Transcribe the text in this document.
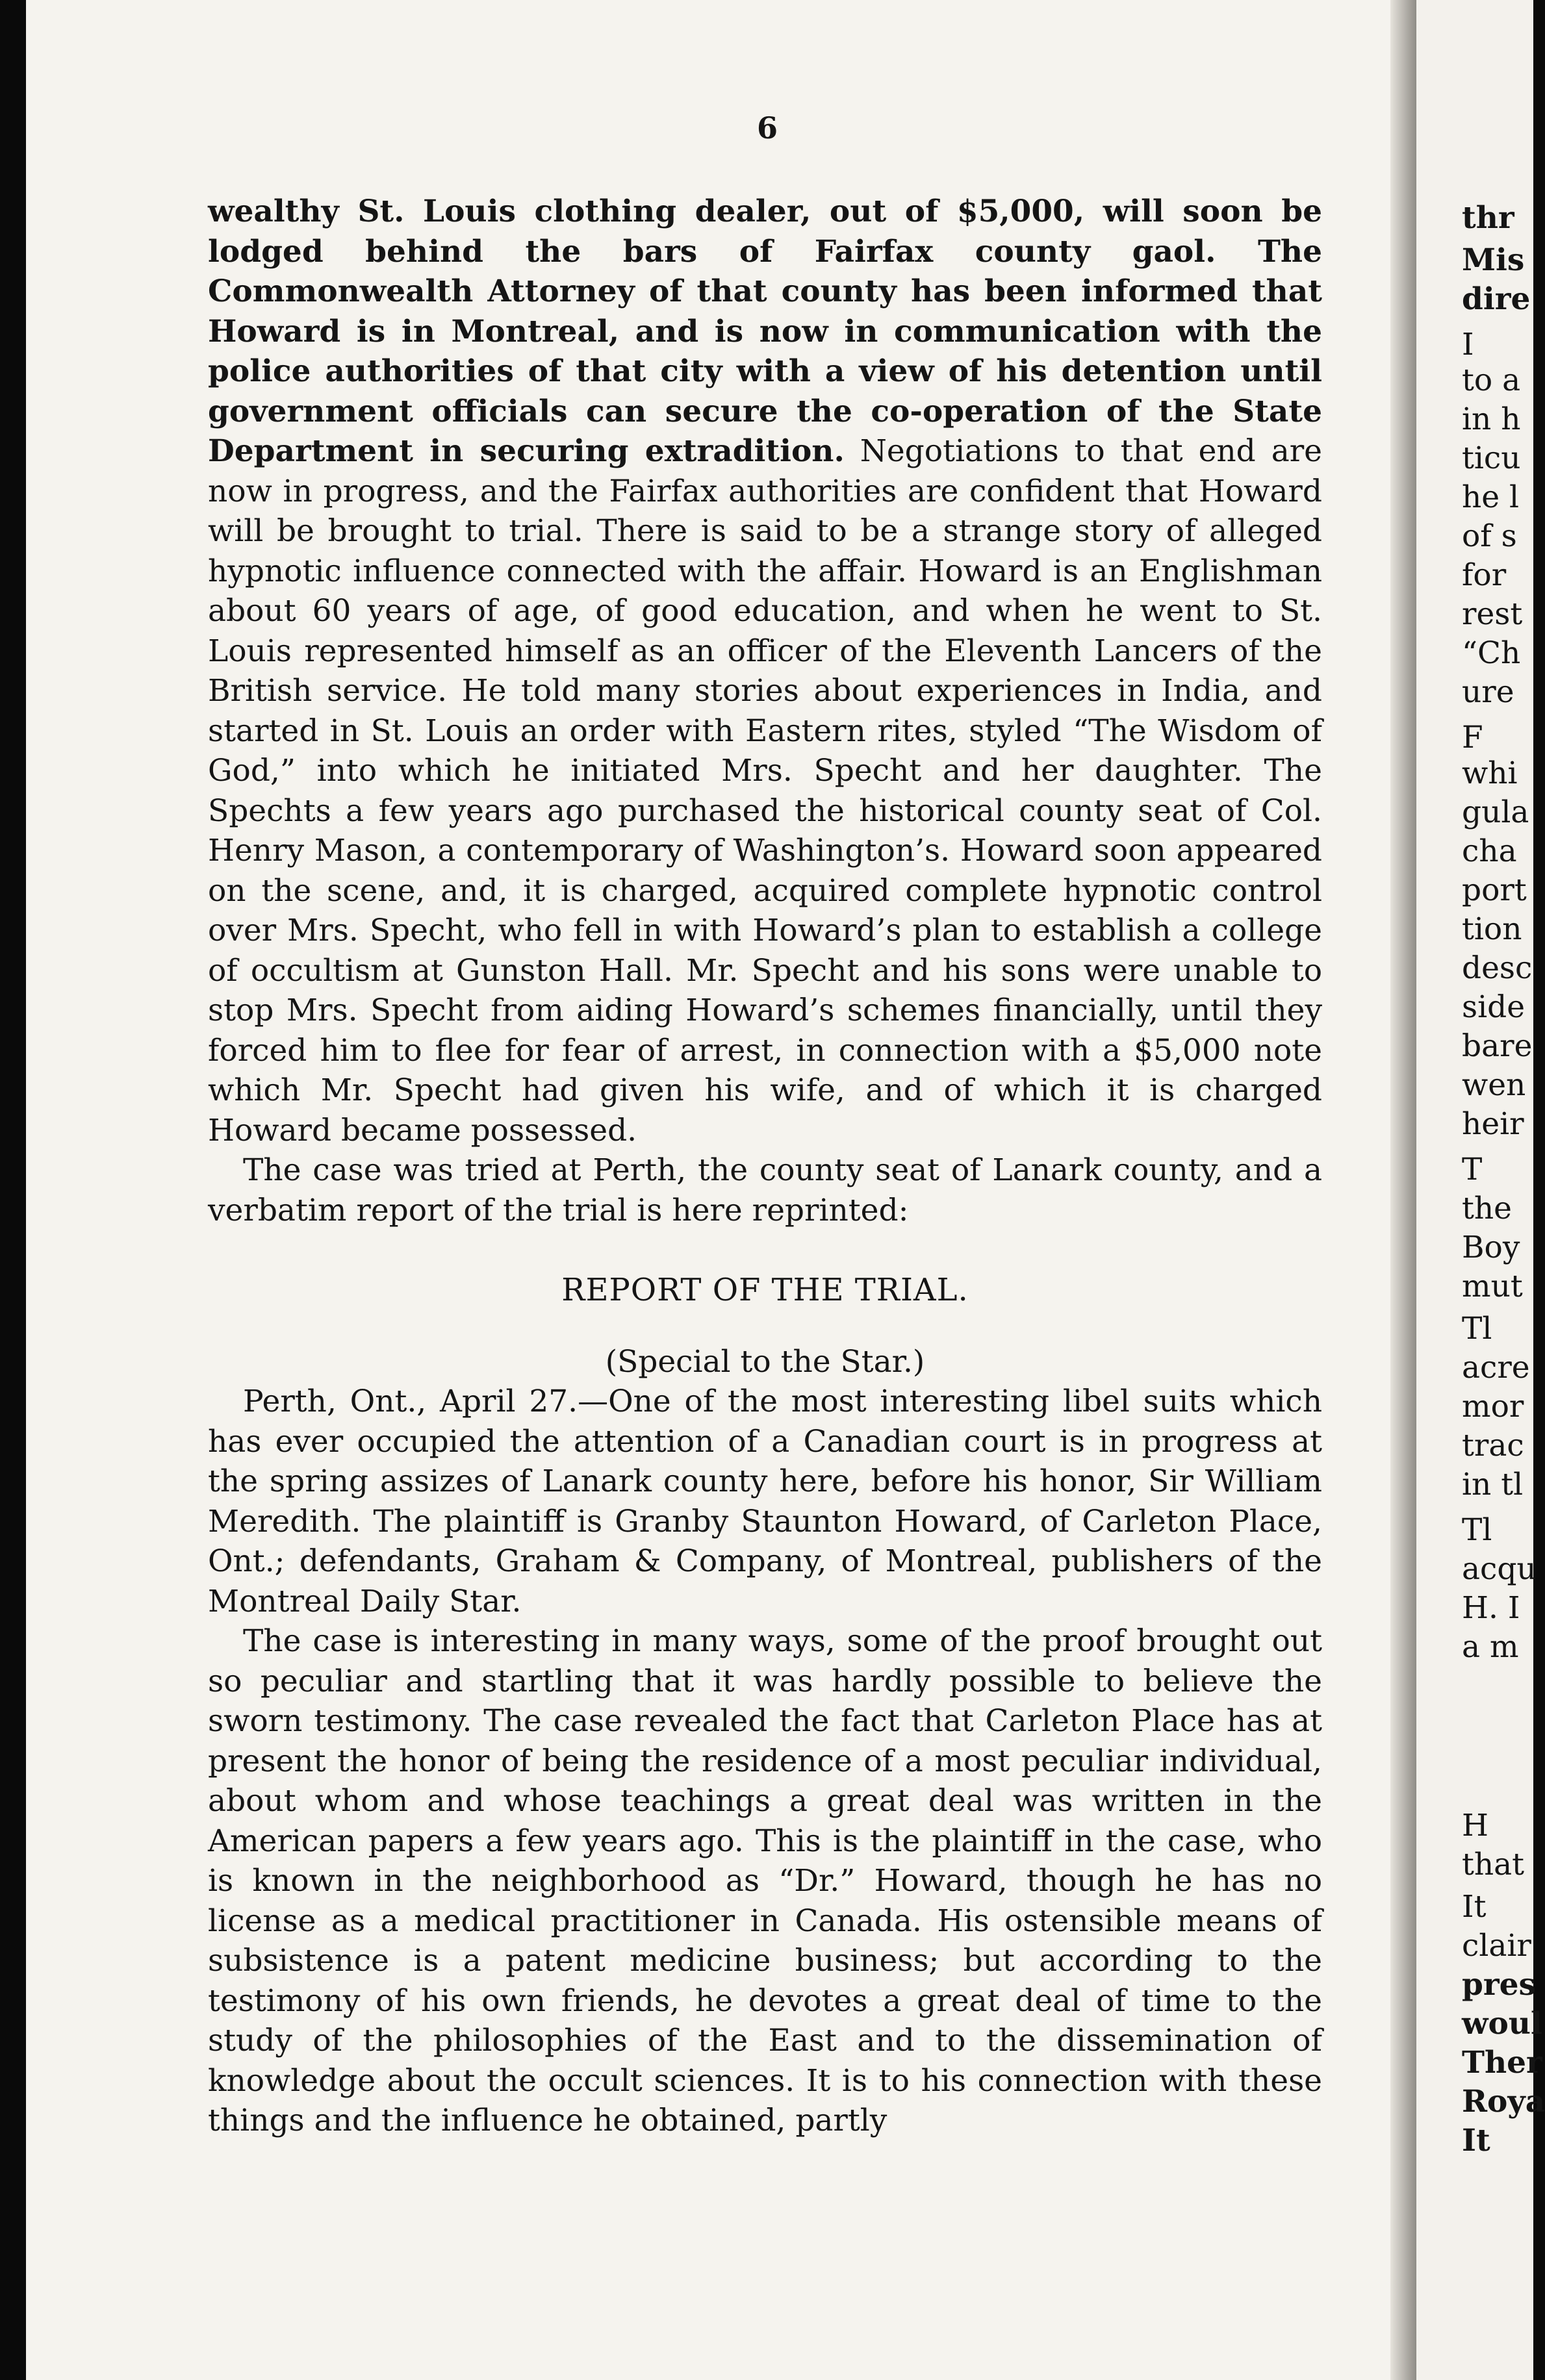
6

wealthy St. Louis clothing dealer, out of $5,000, will soon be lodged behind the bars of Fairfax county gaol. The Commonwealth Attorney of that county has been informed that Howard is in Montreal, and is now in communication with the police authorities of that city with a view of his detention until government officials can secure the co-operation of the State Department in securing extradition. Negotiations to that end are now in progress, and the Fairfax authorities are confident that Howard will be brought to trial. There is said to be a strange story of alleged hypnotic influence connected with the affair. Howard is an Englishman about 60 years of age, of good education, and when he went to St. Louis represented himself as an officer of the Eleventh Lancers of the British service. He told many stories about experiences in India, and started in St. Louis an order with Eastern rites, styled “The Wisdom of God,” into which he initiated Mrs. Specht and her daughter. The Spechts a few years ago purchased the historical county seat of Col. Henry Mason, a contemporary of Washington’s. Howard soon appeared on the scene, and, it is charged, acquired complete hypnotic control over Mrs. Specht, who fell in with Howard’s plan to establish a college of occultism at Gunston Hall. Mr. Specht and his sons were unable to stop Mrs. Specht from aiding Howard’s schemes financially, until they forced him to flee for fear of arrest, in connection with a $5,000 note which Mr. Specht had given his wife, and of which it is charged Howard became possessed.

The case was tried at Perth, the county seat of Lanark county, and a verbatim report of the trial is here reprinted:

REPORT OF THE TRIAL.

(Special to the Star.)

Perth, Ont., April 27.—One of the most interesting libel suits which has ever occupied the attention of a Canadian court is in progress at the spring assizes of Lanark county here, before his honor, Sir William Meredith. The plaintiff is Granby Staunton Howard, of Carleton Place, Ont.; defendants, Graham & Company, of Montreal, publishers of the Montreal Daily Star.

The case is interesting in many ways, some of the proof brought out so peculiar and startling that it was hardly possible to believe the sworn testimony. The case revealed the fact that Carleton Place has at present the honor of being the residence of a most peculiar individual, about whom and whose teachings a great deal was written in the American papers a few years ago. This is the plaintiff in the case, who is known in the neighborhood as “Dr.” Howard, though he has no license as a medical practitioner in Canada. His ostensible means of subsistence is a patent medicine business; but according to the testimony of his own friends, he devotes a great deal of time to the study of the philosophies of the East and to the dissemination of knowledge about the occult sciences. It is to his connection with these things and the influence he obtained, partly

thr
Mis
dire
I
to a
in h
ticu
he l
of s
for
rest
“Ch
ure
F
whi
gula
cha
port
tion
desc
side
bare
wen
heir
T
the
Boy
mut
Tl
acre
mor
trac
in tl
Tl
acqu
H. I
a m
H
that
It
clair
pres
woul
Ther
Roya
It
